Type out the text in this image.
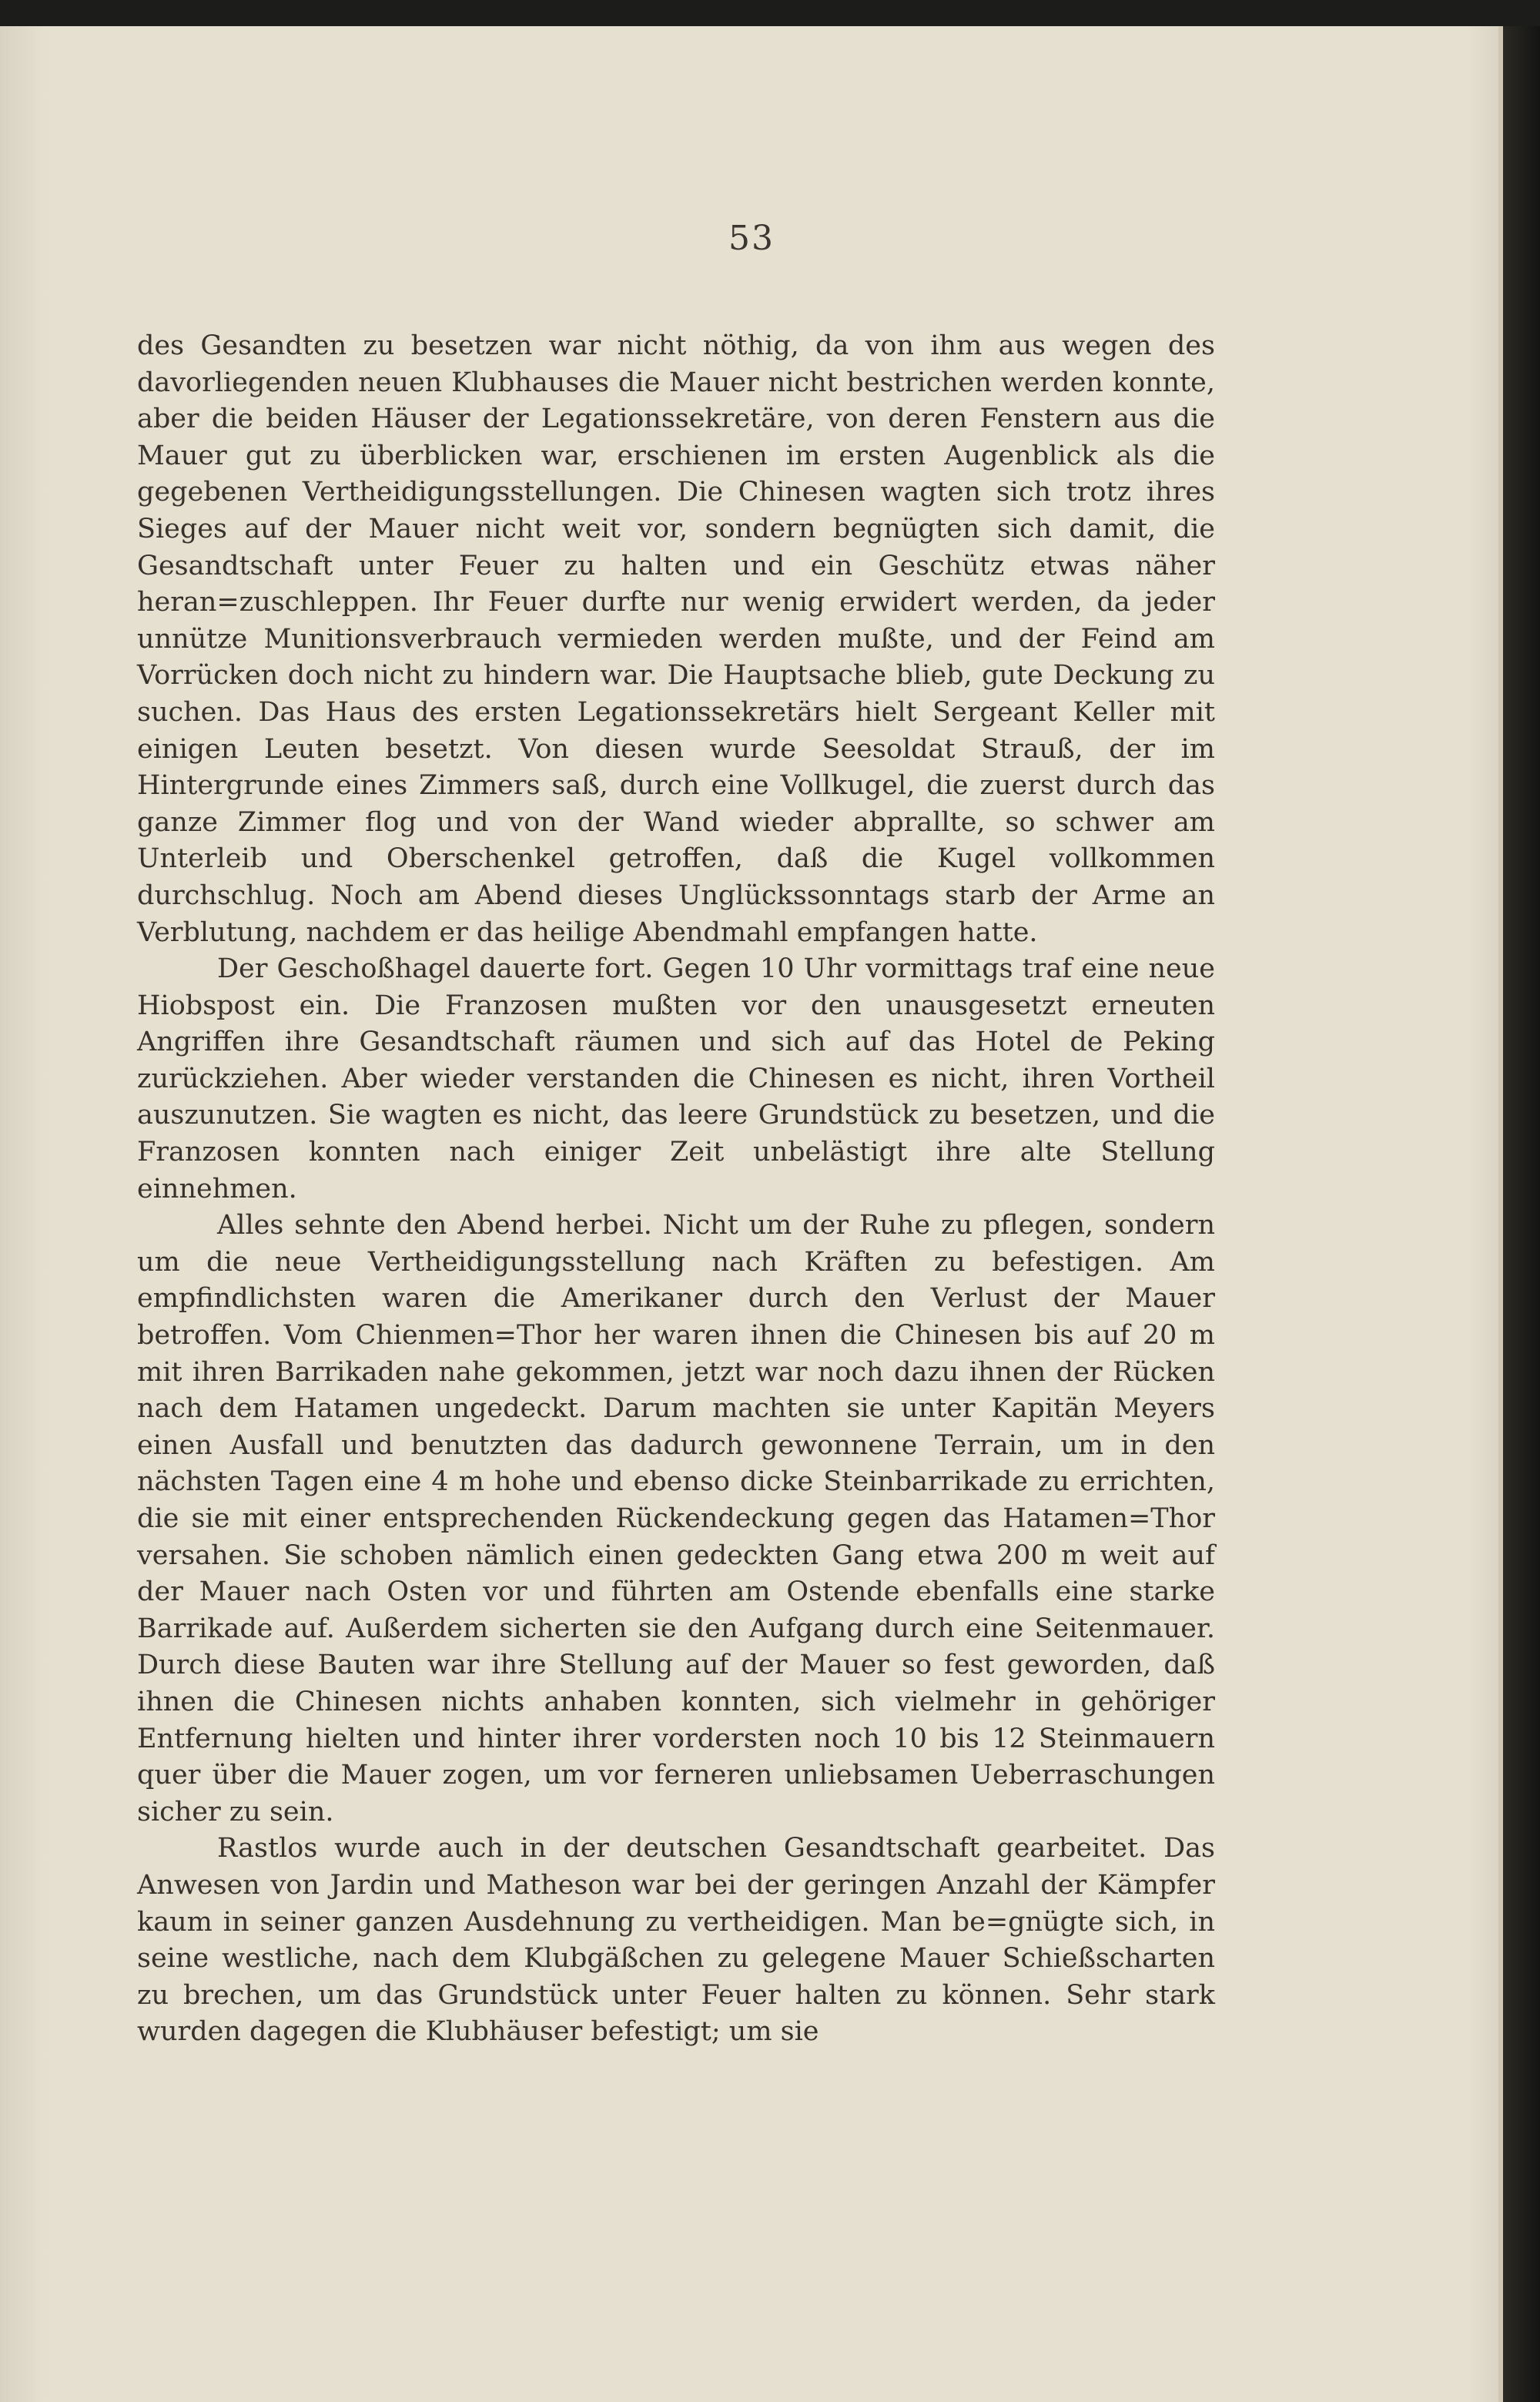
53

des Gesandten zu besetzen war nicht nöthig, da von ihm aus wegen des davorliegenden neuen Klubhauses die Mauer nicht bestrichen werden konnte, aber die beiden Häuser der Legationssekretäre, von deren Fenstern aus die Mauer gut zu überblicken war, erschienen im ersten Augenblick als die gegebenen Vertheidigungsstellungen. Die Chinesen wagten sich trotz ihres Sieges auf der Mauer nicht weit vor, sondern begnügten sich damit, die Gesandtschaft unter Feuer zu halten und ein Geschütz etwas näher heran=zuschleppen. Ihr Feuer durfte nur wenig erwidert werden, da jeder unnütze Munitionsverbrauch vermieden werden mußte, und der Feind am Vorrücken doch nicht zu hindern war. Die Hauptsache blieb, gute Deckung zu suchen. Das Haus des ersten Legationssekretärs hielt Sergeant Keller mit einigen Leuten besetzt. Von diesen wurde Seesoldat Strauß, der im Hintergrunde eines Zimmers saß, durch eine Vollkugel, die zuerst durch das ganze Zimmer flog und von der Wand wieder abprallte, so schwer am Unterleib und Oberschenkel getroffen, daß die Kugel vollkommen durchschlug. Noch am Abend dieses Unglückssonntags starb der Arme an Verblutung, nachdem er das heilige Abendmahl empfangen hatte.

Der Geschoßhagel dauerte fort. Gegen 10 Uhr vormittags traf eine neue Hiobspost ein. Die Franzosen mußten vor den unausgesetzt erneuten Angriffen ihre Gesandtschaft räumen und sich auf das Hotel de Peking zurückziehen. Aber wieder verstanden die Chinesen es nicht, ihren Vortheil auszunutzen. Sie wagten es nicht, das leere Grundstück zu besetzen, und die Franzosen konnten nach einiger Zeit unbelästigt ihre alte Stellung einnehmen.

Alles sehnte den Abend herbei. Nicht um der Ruhe zu pflegen, sondern um die neue Vertheidigungsstellung nach Kräften zu befestigen. Am empfindlichsten waren die Amerikaner durch den Verlust der Mauer betroffen. Vom Chienmen=Thor her waren ihnen die Chinesen bis auf 20 m mit ihren Barrikaden nahe gekommen, jetzt war noch dazu ihnen der Rücken nach dem Hatamen ungedeckt. Darum machten sie unter Kapitän Meyers einen Ausfall und benutzten das dadurch gewonnene Terrain, um in den nächsten Tagen eine 4 m hohe und ebenso dicke Steinbarrikade zu errichten, die sie mit einer entsprechenden Rückendeckung gegen das Hatamen=Thor versahen. Sie schoben nämlich einen gedeckten Gang etwa 200 m weit auf der Mauer nach Osten vor und führten am Ostende ebenfalls eine starke Barrikade auf. Außerdem sicherten sie den Aufgang durch eine Seitenmauer. Durch diese Bauten war ihre Stellung auf der Mauer so fest geworden, daß ihnen die Chinesen nichts anhaben konnten, sich vielmehr in gehöriger Entfernung hielten und hinter ihrer vordersten noch 10 bis 12 Steinmauern quer über die Mauer zogen, um vor ferneren unliebsamen Ueberraschungen sicher zu sein.

Rastlos wurde auch in der deutschen Gesandtschaft gearbeitet. Das Anwesen von Jardin und Matheson war bei der geringen Anzahl der Kämpfer kaum in seiner ganzen Ausdehnung zu vertheidigen. Man be=gnügte sich, in seine westliche, nach dem Klubgäßchen zu gelegene Mauer Schießscharten zu brechen, um das Grundstück unter Feuer halten zu können. Sehr stark wurden dagegen die Klubhäuser befestigt; um sie
